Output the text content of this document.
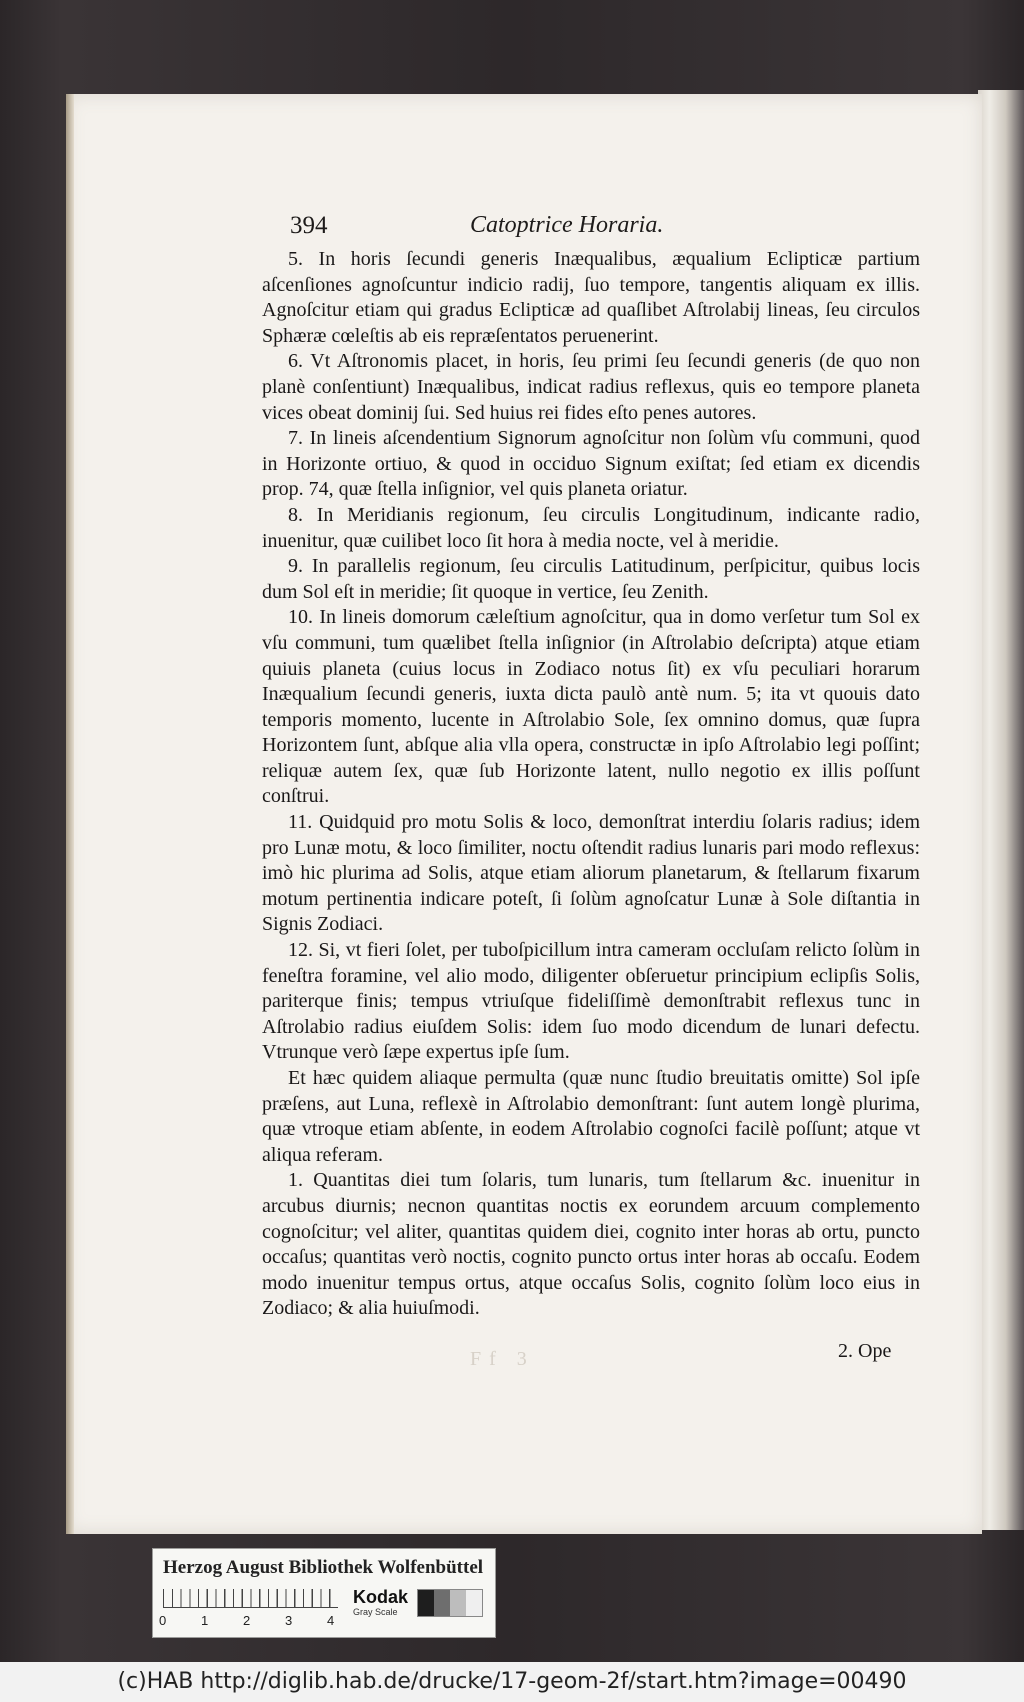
394	Catoptrice Horaria.

5. In horis ſecundi generis Inæqualibus, æqualium Eclipticæ partium aſcenſiones agnoſcuntur indicio radij, ſuo tempore, tangentis aliquam ex illis. Agnoſcitur etiam qui gradus Eclipticæ ad quaſlibet Aſtrolabij lineas, ſeu circulos Sphæræ cœleſtis ab eis repræſentatos peruenerint.

6. Vt Aſtronomis placet, in horis, ſeu primi ſeu ſecundi generis (de quo non planè conſentiunt) Inæqualibus, indicat radius reflexus, quis eo tempore planeta vices obeat dominij ſui. Sed huius rei fides eſto penes autores.

7. In lineis aſcendentium Signorum agnoſcitur non ſolùm vſu communi, quod in Horizonte ortiuo, & quod in occiduo Signum exiſtat; ſed etiam ex dicendis prop. 74, quæ ſtella inſignior, vel quis planeta oriatur.

8. In Meridianis regionum, ſeu circulis Longitudinum, indicante radio, inuenitur, quæ cuilibet loco ſit hora à media nocte, vel à meridie.

9. In parallelis regionum, ſeu circulis Latitudinum, perſpicitur, quibus locis dum Sol eſt in meridie; ſit quoque in vertice, ſeu Zenith.

10. In lineis domorum cæleſtium agnoſcitur, qua in domo verſetur tum Sol ex vſu communi, tum quælibet ſtella inſignior (in Aſtrolabio deſcripta) atque etiam quiuis planeta (cuius locus in Zodiaco notus ſit) ex vſu peculiari horarum Inæqualium ſecundi generis, iuxta dicta paulò antè num. 5; ita vt quouis dato temporis momento, lucente in Aſtrolabio Sole, ſex omnino domus, quæ ſupra Horizontem ſunt, abſque alia vlla opera, constructæ in ipſo Aſtrolabio legi poſſint; reliquæ autem ſex, quæ ſub Horizonte latent, nullo negotio ex illis poſſunt conſtrui.

11. Quidquid pro motu Solis & loco, demonſtrat interdiu ſolaris radius; idem pro Lunæ motu, & loco ſimiliter, noctu oſtendit radius lunaris pari modo reflexus: imò hic plurima ad Solis, atque etiam aliorum planetarum, & ſtellarum fixarum motum pertinentia indicare poteſt, ſi ſolùm agnoſcatur Lunæ à Sole diſtantia in Signis Zodiaci.

12. Si, vt fieri ſolet, per tuboſpicillum intra cameram occluſam relicto ſolùm in feneſtra foramine, vel alio modo, diligenter obſeruetur principium eclipſis Solis, pariterque finis; tempus vtriuſque fideliſſimè demonſtrabit reflexus tunc in Aſtrolabio radius eiuſdem Solis: idem ſuo modo dicendum de lunari defectu. Vtrunque verò ſæpe expertus ipſe ſum.

Et hæc quidem aliaque permulta (quæ nunc ſtudio breuitatis omitte) Sol ipſe præſens, aut Luna, reflexè in Aſtrolabio demonſtrant: ſunt autem longè plurima, quæ vtroque etiam abſente, in eodem Aſtrolabio cognoſci facilè poſſunt; atque vt aliqua referam.

1. Quantitas diei tum ſolaris, tum lunaris, tum ſtellarum &c. inuenitur in arcubus diurnis; necnon quantitas noctis ex eorundem arcuum complemento cognoſcitur; vel aliter, quantitas quidem diei, cognito inter horas ab ortu, puncto occaſus; quantitas verò noctis, cognito puncto ortus inter horas ab occaſu. Eodem modo inuenitur tempus ortus, atque occaſus Solis, cognito ſolùm loco eius in Zodiaco; & alia huiuſmodi.

Ff 3	2. Ope
Herzog August Bibliothek Wolfenbüttel
0	1	2	3	4
Kodak
Gray Scale
(c)HAB http://diglib.hab.de/drucke/17-geom-2f/start.htm?image=00490
